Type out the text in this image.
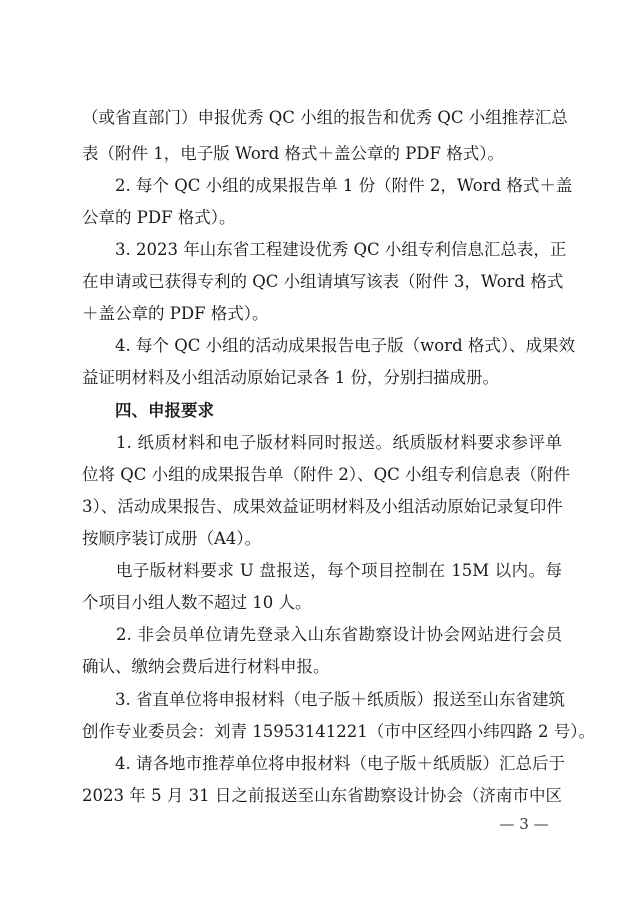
（或省直部门）申报优秀 QC 小组的报告和优秀 QC 小组推荐汇总
表（附件 1，电子版 Word 格式＋盖公章的 PDF 格式）。
　　2. 每个 QC 小组的成果报告单 1 份（附件 2，Word 格式＋盖
公章的 PDF 格式）。
　　3. 2023 年山东省工程建设优秀 QC 小组专利信息汇总表，正
在申请或已获得专利的 QC 小组请填写该表（附件 3，Word 格式
＋盖公章的 PDF 格式）。
　　4. 每个 QC 小组的活动成果报告电子版（word 格式）、成果效
益证明材料及小组活动原始记录各 1 份，分别扫描成册。
　　四、申报要求
　　1. 纸质材料和电子版材料同时报送。纸质版材料要求参评单
位将 QC 小组的成果报告单（附件 2）、QC 小组专利信息表（附件
3）、活动成果报告、成果效益证明材料及小组活动原始记录复印件
按顺序装订成册（A4）。
　　电子版材料要求 U 盘报送，每个项目控制在 15M 以内。每
个项目小组人数不超过 10 人。
　　2. 非会员单位请先登录入山东省勘察设计协会网站进行会员
确认、缴纳会费后进行材料申报。
　　3. 省直单位将申报材料（电子版＋纸质版）报送至山东省建筑
创作专业委员会：刘青 15953141221（市中区经四小纬四路 2 号）。
　　4. 请各地市推荐单位将申报材料（电子版＋纸质版）汇总后于
2023 年 5 月 31 日之前报送至山东省勘察设计协会（济南市中区
— 3 —
